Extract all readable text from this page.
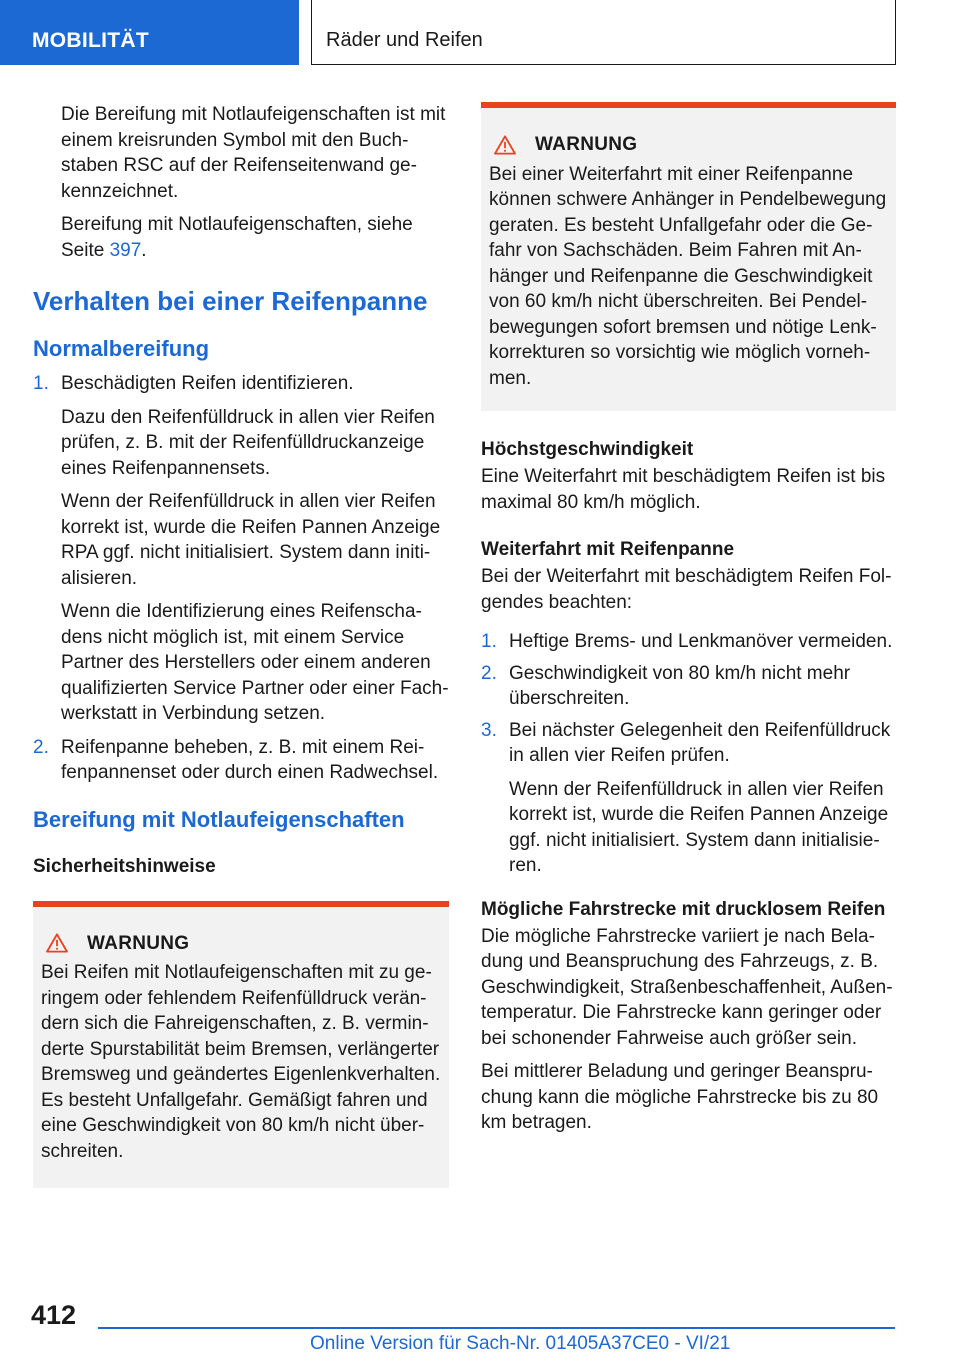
MOBILITÄT	Räder und Reifen

Die Bereifung mit Notlaufeigenschaften ist mit einem kreisrunden Symbol mit den Buchstaben RSC auf der Reifenseitenwand gekennzeichnet.

Bereifung mit Notlaufeigenschaften, siehe Seite 397.

Verhalten bei einer Reifenpanne
Normalbereifung
1. Beschädigten Reifen identifizieren.
Dazu den Reifenfülldruck in allen vier Reifen prüfen, z. B. mit der Reifenfülldruckanzeige eines Reifenpannensets.
Wenn der Reifenfülldruck in allen vier Reifen korrekt ist, wurde die Reifen Pannen Anzeige RPA ggf. nicht initialisiert. System dann initialisieren.
Wenn die Identifizierung eines Reifenschadens nicht möglich ist, mit einem Service Partner des Herstellers oder einem anderen qualifizierten Service Partner oder einer Fachwerkstatt in Verbindung setzen.
2. Reifenpanne beheben, z. B. mit einem Reifenpannenset oder durch einen Radwechsel.
Bereifung mit Notlaufeigenschaften
Sicherheitshinweise
WARNUNG

Bei Reifen mit Notlaufeigenschaften mit zu geringem oder fehlendem Reifenfülldruck verändern sich die Fahreigenschaften, z. B. verminderte Spurstabilität beim Bremsen, verlängerter Bremsweg und geändertes Eigenlenkverhalten. Es besteht Unfallgefahr. Gemäßigt fahren und eine Geschwindigkeit von 80 km/h nicht überschreiten.

WARNUNG

Bei einer Weiterfahrt mit einer Reifenpanne können schwere Anhänger in Pendelbewegung geraten. Es besteht Unfallgefahr oder die Gefahr von Sachschäden. Beim Fahren mit Anhänger und Reifenpanne die Geschwindigkeit von 60 km/h nicht überschreiten. Bei Pendelbewegungen sofort bremsen und nötige Lenkkorrekturen so vorsichtig wie möglich vornehmen.

Höchstgeschwindigkeit

Eine Weiterfahrt mit beschädigtem Reifen ist bis maximal 80 km/h möglich.

Weiterfahrt mit Reifenpanne

Bei der Weiterfahrt mit beschädigtem Reifen Folgendes beachten:

1. Heftige Brems- und Lenkmanöver vermeiden.
2. Geschwindigkeit von 80 km/h nicht mehr überschreiten.
3. Bei nächster Gelegenheit den Reifenfülldruck in allen vier Reifen prüfen.
Wenn der Reifenfülldruck in allen vier Reifen korrekt ist, wurde die Reifen Pannen Anzeige ggf. nicht initialisiert. System dann initialisieren.
Mögliche Fahrstrecke mit drucklosem Reifen

Die mögliche Fahrstrecke variiert je nach Beladung und Beanspruchung des Fahrzeugs, z. B. Geschwindigkeit, Straßenbeschaffenheit, Außentemperatur. Die Fahrstrecke kann geringer oder bei schonender Fahrweise auch größer sein.

Bei mittlerer Beladung und geringer Beanspruchung kann die mögliche Fahrstrecke bis zu 80 km betragen.

412
Online Version für Sach-Nr. 01405A37CE0 - VI/21
